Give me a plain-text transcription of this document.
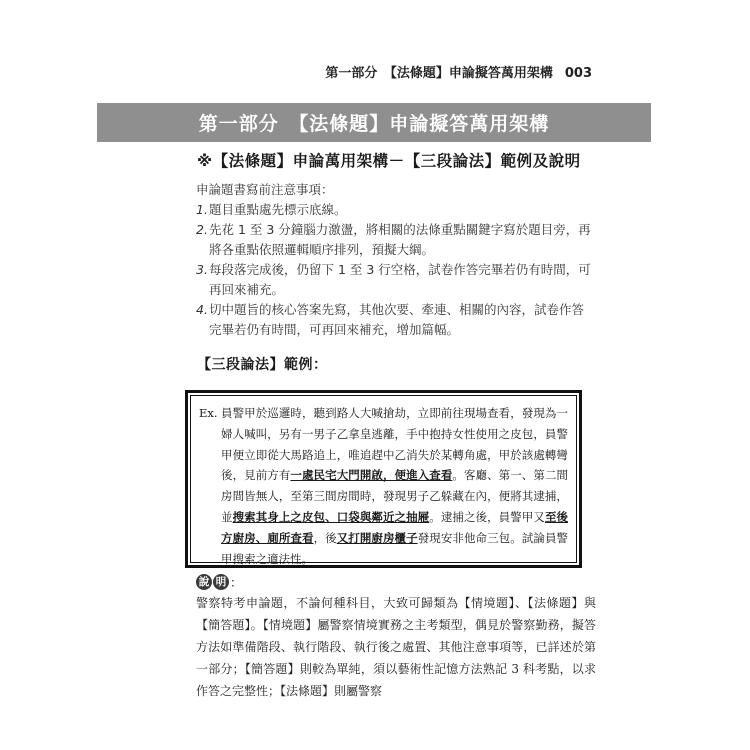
第一部分　【法條題】申論擬答萬用架構 003
第一部分　【法條題】申論擬答萬用架構
※【法條題】申論萬用架構－【三段論法】範例及說明

申論題書寫前注意事項：

1. 題目重點處先標示底線。
2. 先花 1 至 3 分鐘腦力激盪，將相關的法條重點關鍵字寫於題目旁，再將各重點依照邏輯順序排列，預擬大綱。
3. 每段落完成後，仍留下 1 至 3 行空格，試卷作答完畢若仍有時間，可再回來補充。
4. 切中題旨的核心答案先寫，其他次要、牽連、相關的內容，試卷作答完畢若仍有時間，可再回來補充，增加篇幅。
【三段論法】範例：
Ex. 員警甲於巡邏時，聽到路人大喊搶劫，立即前往現場查看，發現為一婦人喊叫，另有一男子乙拿皇逃離，手中抱持女性使用之皮包，員警甲便立即從大馬路追上，唯追趕中乙消失於某轉角處，甲於該處轉彎後，見前方有一處民宅大門開啟，便進入查看。客廳、第一、第二間房間皆無人，至第三間房間時，發現男子乙躲藏在內，便將其逮捕，並搜索其身上之皮包、口袋與鄰近之抽屜。逮捕之後，員警甲又至後方廚房、廁所查看，後又打開廚房櫃子發現安非他命三包。試論員警甲搜索之適法性。
說 明 ：
警察特考申論題，不論何種科目，大致可歸類為【情境題】、【法條題】與【簡答題】。【情境題】屬警察情境實務之主考類型，偶見於警察勤務，擬答方法如準備階段、執行階段、執行後之處置、其他注意事項等，已詳述於第一部分；【簡答題】則較為單純，須以藝術性記憶方法熟記 3 科考點，以求作答之完整性；【法條題】則屬警察
